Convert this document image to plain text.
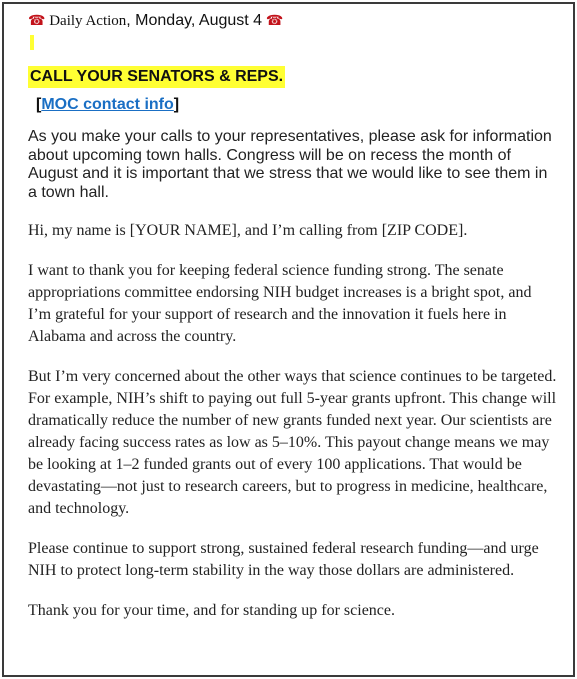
☎ Daily Action, Monday, August 4 ☎
CALL YOUR SENATORS & REPS.
[MOC contact info]
As you make your calls to your representatives, please ask for information about upcoming town halls. Congress will be on recess the month of August and it is important that we stress that we would like to see them in a town hall.
Hi, my name is [YOUR NAME], and I’m calling from [ZIP CODE].
I want to thank you for keeping federal science funding strong. The senate appropriations committee endorsing NIH budget increases is a bright spot, and I’m grateful for your support of research and the innovation it fuels here in Alabama and across the country.
But I’m very concerned about the other ways that science continues to be targeted. For example, NIH’s shift to paying out full 5-year grants upfront. This change will dramatically reduce the number of new grants funded next year. Our scientists are already facing success rates as low as 5–10%. This payout change means we may be looking at 1–2 funded grants out of every 100 applications. That would be devastating—not just to research careers, but to progress in medicine, healthcare, and technology.
Please continue to support strong, sustained federal research funding—and urge NIH to protect long-term stability in the way those dollars are administered.
Thank you for your time, and for standing up for science.
